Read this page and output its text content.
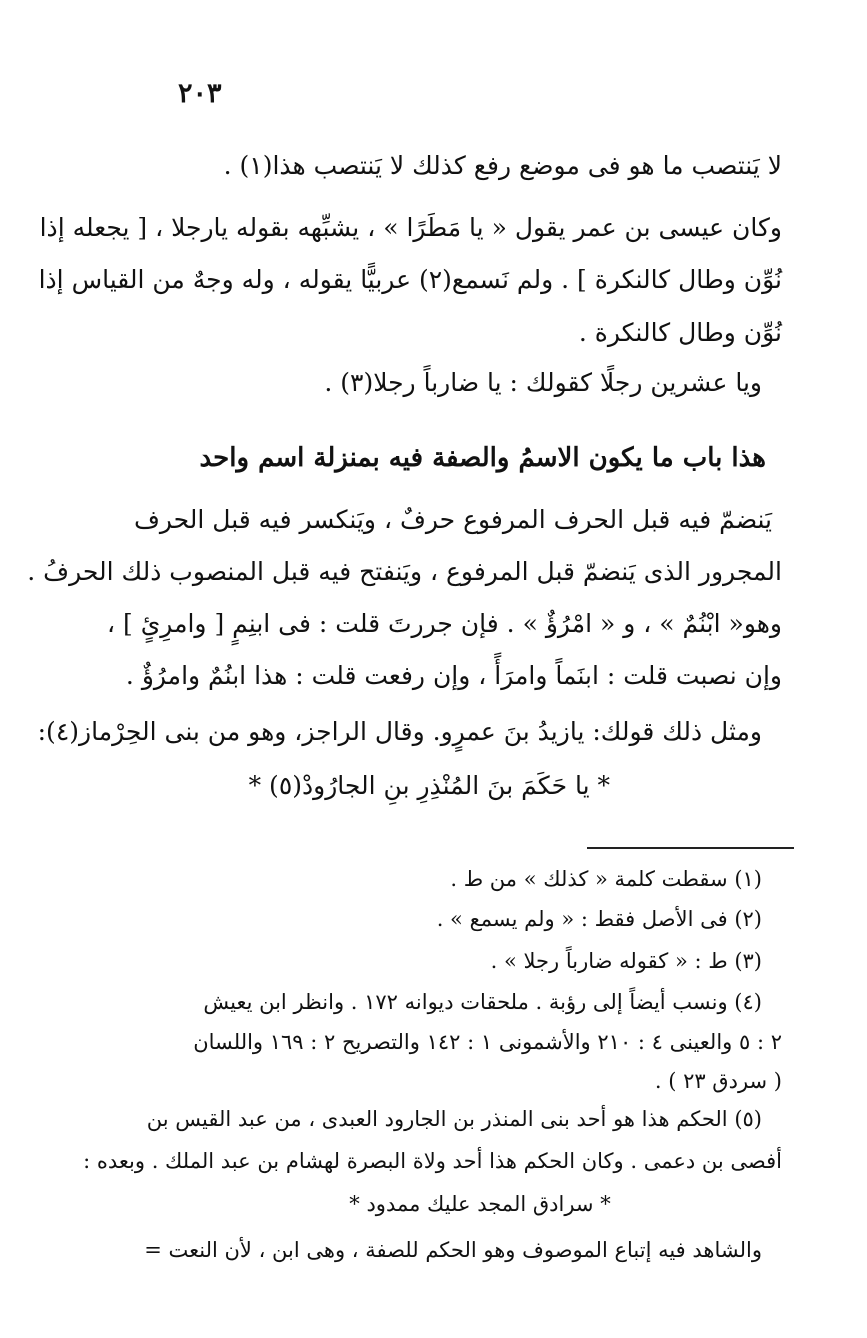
٢٠٣
لا يَنتصب ما هو فى موضع رفع كذلك لا يَنتصب هذا(١) .
وكان عيسى بن عمر يقول « يا مَطَرًا » ، يشبِّهه بقوله يارجلا ، [ يجعله إذا
نُوِّن وطال كالنكرة ] . ولم نَسمع(٢) عربيًّا يقوله ، وله وجهٌ من القياس إذا
نُوِّن وطال كالنكرة .
ويا عشرين رجلًا كقولك : يا ضارباً رجلا(٣) .
هذا باب ما يكون الاسمُ والصفة فيه بمنزلة اسم واحد
يَنضمّ فيه قبل الحرف المرفوع حرفٌ ، ويَنكسر فيه قبل الحرف
المجرور الذى يَنضمّ قبل المرفوع ، ويَنفتح فيه قبل المنصوب ذلك الحرفُ .
وهو« ابْنُمٌ » ، و « امْرُؤٌ » . فإن جررتَ قلت : فى ابنِمٍ [ وامرِئٍ ] ،
وإن نصبت قلت : ابنَماً وامرَأً ، وإن رفعت قلت : هذا ابنُمٌ وامرُؤٌ .
ومثل ذلك قولك: يازيدُ بنَ عمرٍو. وقال الراجز، وهو من بنى الحِرْماز(٤):
* يا حَكَمَ بنَ المُنْذِرِ بنِ الجارُودْ(٥) *
(١) سقطت كلمة « كذلك » من ط .
(٢) فى الأصل فقط : « ولم يسمع » .
(٣) ط : « كقوله ضارباً رجلا » .
(٤) ونسب أيضاً إلى رؤبة . ملحقات ديوانه ١٧٢ . وانظر ابن يعيش
٢ : ٥ والعينى ٤ : ٢١٠ والأشمونى ١ : ١٤٢ والتصريح ٢ : ١٦٩ واللسان
( سردق ٢٣ ) .
(٥) الحكم هذا هو أحد بنى المنذر بن الجارود العبدى ، من عبد القيس بن
أفصى بن دعمى . وكان الحكم هذا أحد ولاة البصرة لهشام بن عبد الملك . وبعده :
* سرادق المجد عليك ممدود *
والشاهد فيه إتباع الموصوف وهو الحكم للصفة ، وهى ابن ، لأن النعت =
